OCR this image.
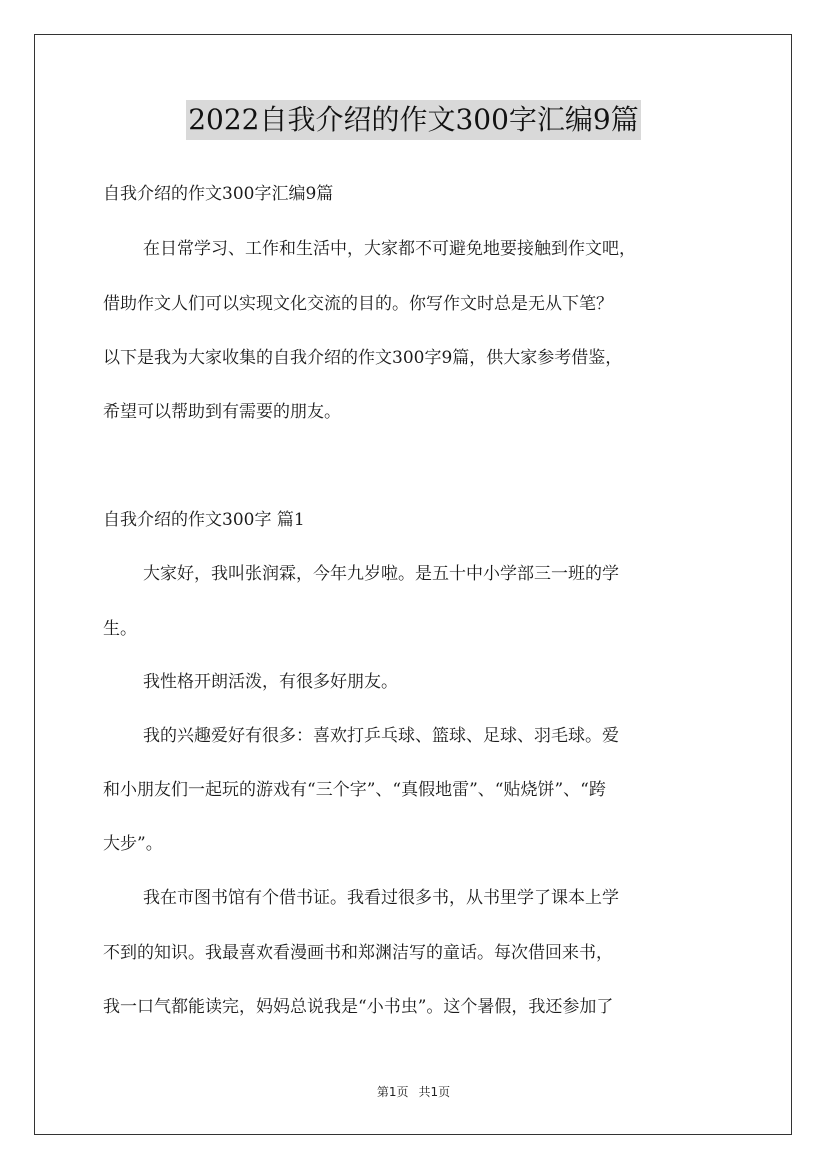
2022自我介绍的作文300字汇编9篇
自我介绍的作文300字汇编9篇
在日常学习、工作和生活中，大家都不可避免地要接触到作文吧，
借助作文人们可以实现文化交流的目的。你写作文时总是无从下笔？
以下是我为大家收集的自我介绍的作文300字9篇，供大家参考借鉴，
希望可以帮助到有需要的朋友。
自我介绍的作文300字 篇1
大家好，我叫张润霖，今年九岁啦。是五十中小学部三一班的学
生。
我性格开朗活泼，有很多好朋友。
我的兴趣爱好有很多：喜欢打乒乓球、篮球、足球、羽毛球。爱
和小朋友们一起玩的游戏有“三个字”、“真假地雷”、“贴烧饼”、“跨
大步”。
我在市图书馆有个借书证。我看过很多书，从书里学了课本上学
不到的知识。我最喜欢看漫画书和郑渊洁写的童话。每次借回来书，
我一口气都能读完，妈妈总说我是“小书虫”。这个暑假，我还参加了
第1页 共1页
